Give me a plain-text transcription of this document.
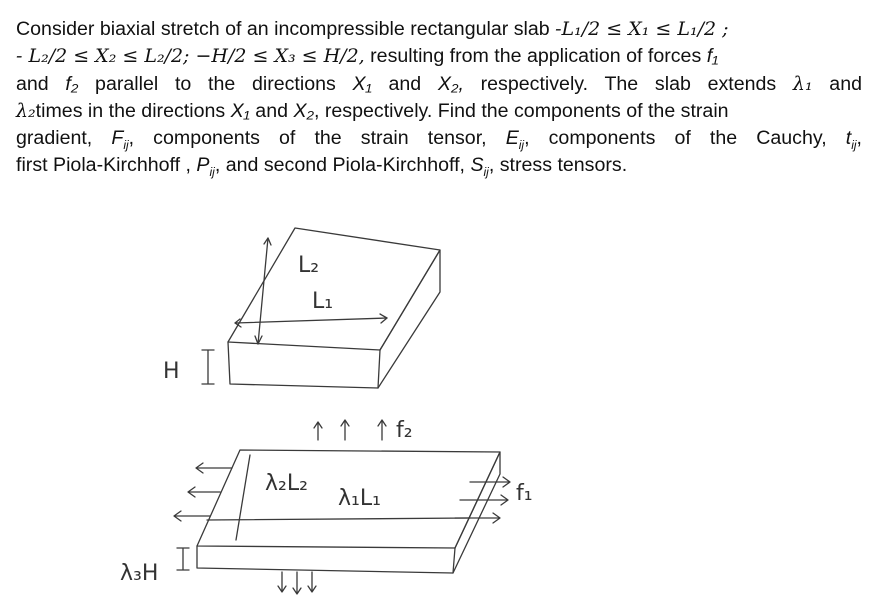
Consider biaxial stretch of an incompressible rectangular slab -L₁/2 ≤ X₁ ≤ L₁/2 ;
- L₂/2 ≤ X₂ ≤ L₂/2; −H/2 ≤ X₃ ≤ H/2, resulting from the application of forces f₁
and f₂ parallel to the directions X₁ and X₂, respectively. The slab extends λ₁ and
λ₂times in the directions X₁ and X₂, respectively. Find the components of the strain
gradient, $F_{ij}$, components of the strain tensor, $E_{ij}$, components of the Cauchy, $t_{ij}$,
first Piola-Kirchhoff , $P_{ij}$, and second Piola-Kirchhoff, $S_{ij}$, stress tensors.
L₂
L₁
H
λ₂L₂
λ₁L₁
λ₃H
f₁
f₂
